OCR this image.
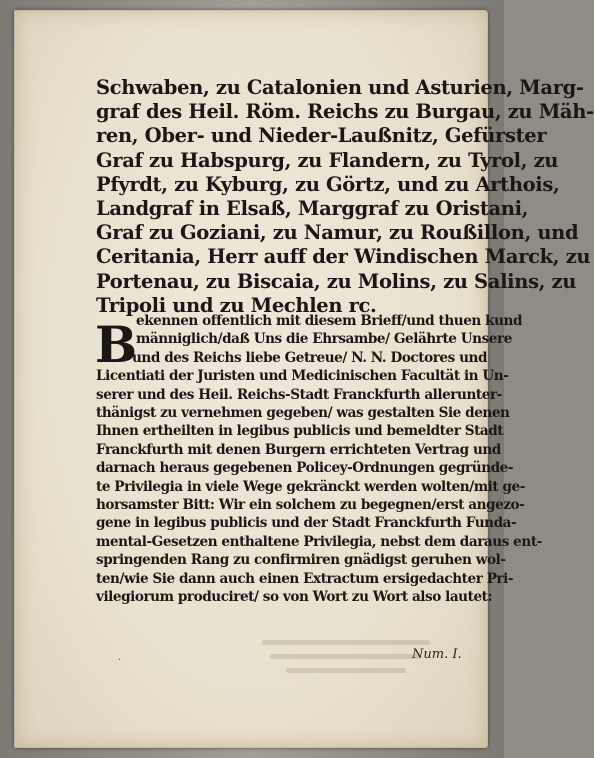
Schwaben, zu Catalonien und Asturien, Marg-
graf des Heil. Röm. Reichs zu Burgau, zu Mäh-
ren, Ober- und Nieder-Laußnitz, Gefürster
Graf zu Habspurg, zu Flandern, zu Tyrol, zu
Pfyrdt, zu Kyburg, zu Görtz, und zu Arthois,
Landgraf in Elsaß, Marggraf zu Oristani,
Graf zu Goziani, zu Namur, zu Roußillon, und
Ceritania, Herr auff der Windischen Marck, zu
Portenau, zu Biscaia, zu Molins, zu Salins, zu
Tripoli und zu Mechlen rc.
B
ekennen offentlich mit diesem Brieff/und thuen kund
männiglich/daß Uns die Ehrsambe/ Gelährte Unsere
und des Reichs liebe Getreue/ N. N. Doctores und
Licentiati der Juristen und Medicinischen Facultät in Un-
serer und des Heil. Reichs-Stadt Franckfurth allerunter-
thänigst zu vernehmen gegeben/ was gestalten Sie denen
Ihnen ertheilten in legibus publicis und bemeldter Stadt
Franckfurth mit denen Burgern errichteten Vertrag und
darnach heraus gegebenen Policey-Ordnungen gegründe-
te Privilegia in viele Wege gekränckt werden wolten/mit ge-
horsamster Bitt: Wir ein solchem zu begegnen/erst angezo-
gene in legibus publicis und der Stadt Franckfurth Funda-
mental-Gesetzen enthaltene Privilegia, nebst dem daraus ent-
springenden Rang zu confirmiren gnädigst geruhen wol-
ten/wie Sie dann auch einen Extractum ersigedachter Pri-
vilegiorum produciret/ so von Wort zu Wort also lautet:
Num. I.
·
